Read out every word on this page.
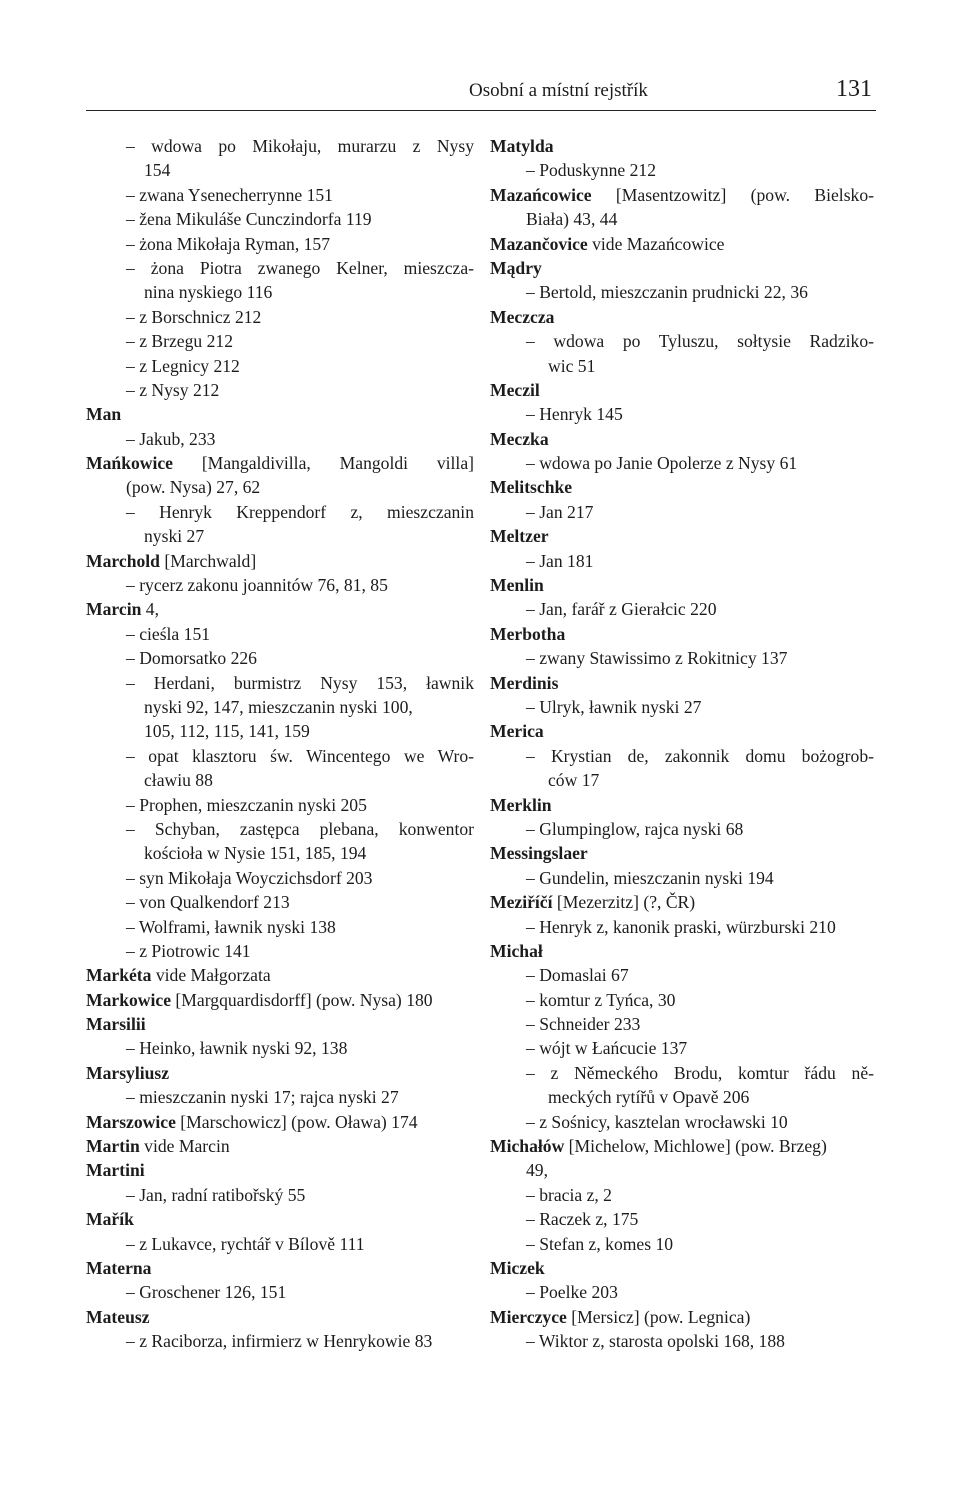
Osobní a místní rejstřík	131
– wdowa po Mikołaju, murarzu z Nysy
154
– zwana Ysenecherrynne 151
– žena Mikuláše Cunczindorfa 119
– żona Mikołaja Ryman, 157
– żona Piotra zwanego Kelner, mieszcza-
nina nyskiego 116
– z Borschnicz 212
– z Brzegu 212
– z Legnicy 212
– z Nysy 212
Man
– Jakub, 233
Mańkowice [Mangaldivilla, Mangoldi villa]
(pow. Nysa) 27, 62
– Henryk Kreppendorf z, mieszczanin
nyski 27
Marchold [Marchwald]
– rycerz zakonu joannitów 76, 81, 85
Marcin 4,
– cieśla 151
– Domorsatko 226
– Herdani, burmistrz Nysy 153, ławnik
nyski 92, 147, mieszczanin nyski 100,
105, 112, 115, 141, 159
– opat klasztoru św. Wincentego we Wro-
cławiu 88
– Prophen, mieszczanin nyski 205
– Schyban, zastępca plebana, konwentor
kościoła w Nysie 151, 185, 194
– syn Mikołaja Woyczichsdorf 203
– von Qualkendorf 213
– Wolframi, ławnik nyski 138
– z Piotrowic 141
Markéta vide Małgorzata
Markowice [Margquardisdorff] (pow. Nysa) 180
Marsilii
– Heinko, ławnik nyski 92, 138
Marsyliusz
– mieszczanin nyski 17; rajca nyski 27
Marszowice [Marschowicz] (pow. Oława) 174
Martin vide Marcin
Martini
– Jan, radní ratibořský 55
Mařík
– z Lukavce, rychtář v Bílově 111
Materna
– Groschener 126, 151
Mateusz
– z Raciborza, infirmierz w Henrykowie 83
Matylda
– Poduskynne 212
Mazańcowice [Masentzowitz] (pow. Bielsko-
Biała) 43, 44
Mazančovice vide Mazańcowice
Mądry
– Bertold, mieszczanin prudnicki 22, 36
Meczcza
– wdowa po Tyluszu, sołtysie Radziko-
wic 51
Meczil
– Henryk 145
Meczka
– wdowa po Janie Opolerze z Nysy 61
Melitschke
– Jan 217
Meltzer
– Jan 181
Menlin
– Jan, farář z Gierałcic 220
Merbotha
– zwany Stawissimo z Rokitnicy 137
Merdinis
– Ulryk, ławnik nyski 27
Merica
– Krystian de, zakonnik domu bożogrob-
ców 17
Merklin
– Glumpinglow, rajca nyski 68
Messingslaer
– Gundelin, mieszczanin nyski 194
Meziříčí [Mezerzitz] (?, ČR)
– Henryk z, kanonik praski, würzburski 210
Michał
– Domaslai 67
– komtur z Tyńca, 30
– Schneider 233
– wójt w Łańcucie 137
– z Německého Brodu, komtur řádu ně-
meckých rytířů v Opavě 206
– z Sośnicy, kasztelan wrocławski 10
Michałów [Michelow, Michlowe] (pow. Brzeg)
49,
– bracia z, 2
– Raczek z, 175
– Stefan z, komes 10
Miczek
– Poelke 203
Mierczyce [Mersicz] (pow. Legnica)
– Wiktor z, starosta opolski 168, 188
